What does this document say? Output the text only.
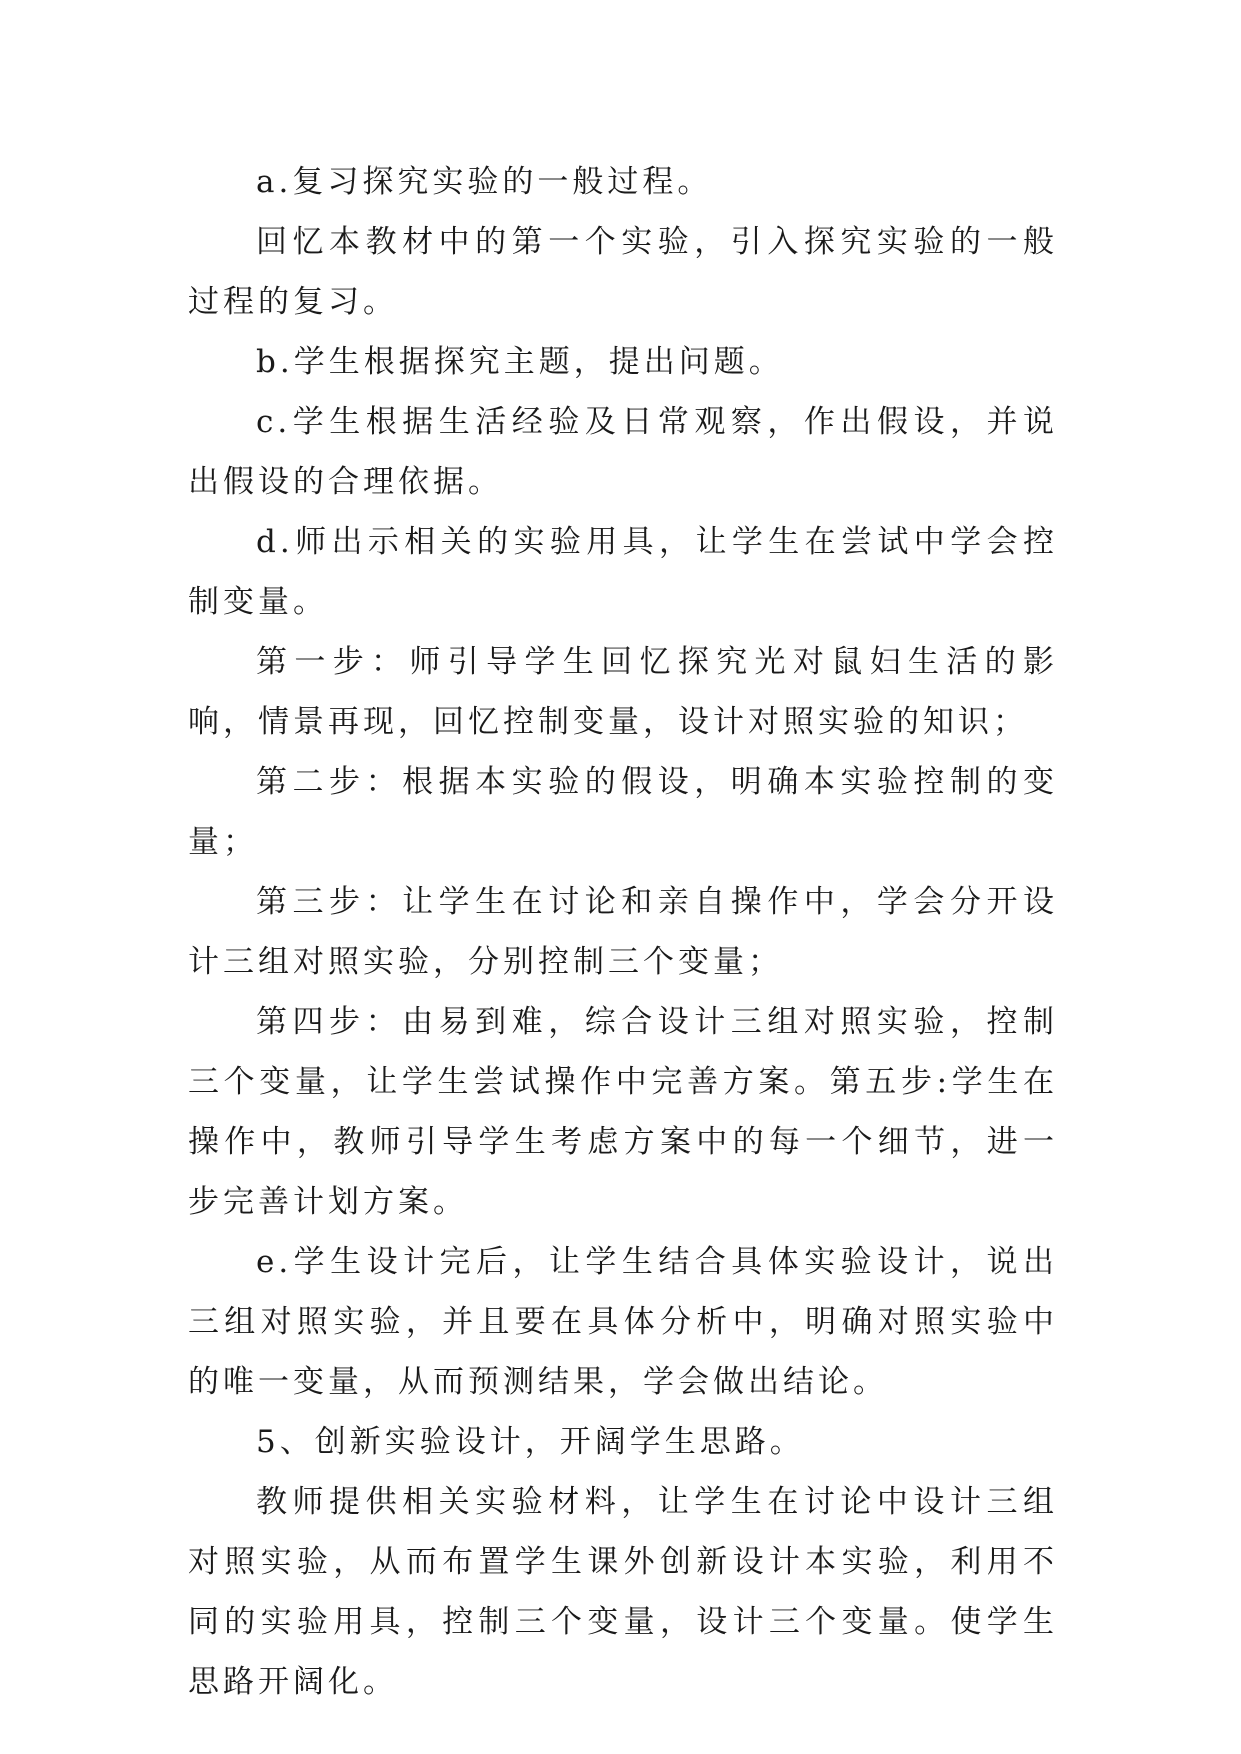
a.复习探究实验的一般过程。

回忆本教材中的第一个实验，引入探究实验的一般过程的复习。

b.学生根据探究主题，提出问题。

c.学生根据生活经验及日常观察，作出假设，并说出假设的合理依据。

d.师出示相关的实验用具，让学生在尝试中学会控制变量。

第一步：师引导学生回忆探究光对鼠妇生活的影响，情景再现，回忆控制变量，设计对照实验的知识；

第二步：根据本实验的假设，明确本实验控制的变量；

第三步：让学生在讨论和亲自操作中，学会分开设计三组对照实验，分别控制三个变量；

第四步：由易到难，综合设计三组对照实验，控制三个变量，让学生尝试操作中完善方案。第五步:学生在操作中，教师引导学生考虑方案中的每一个细节，进一步完善计划方案。

e.学生设计完后，让学生结合具体实验设计，说出三组对照实验，并且要在具体分析中，明确对照实验中的唯一变量，从而预测结果，学会做出结论。

5、创新实验设计，开阔学生思路。

教师提供相关实验材料，让学生在讨论中设计三组对照实验，从而布置学生课外创新设计本实验，利用不同的实验用具，控制三个变量，设计三个变量。使学生思路开阔化。
